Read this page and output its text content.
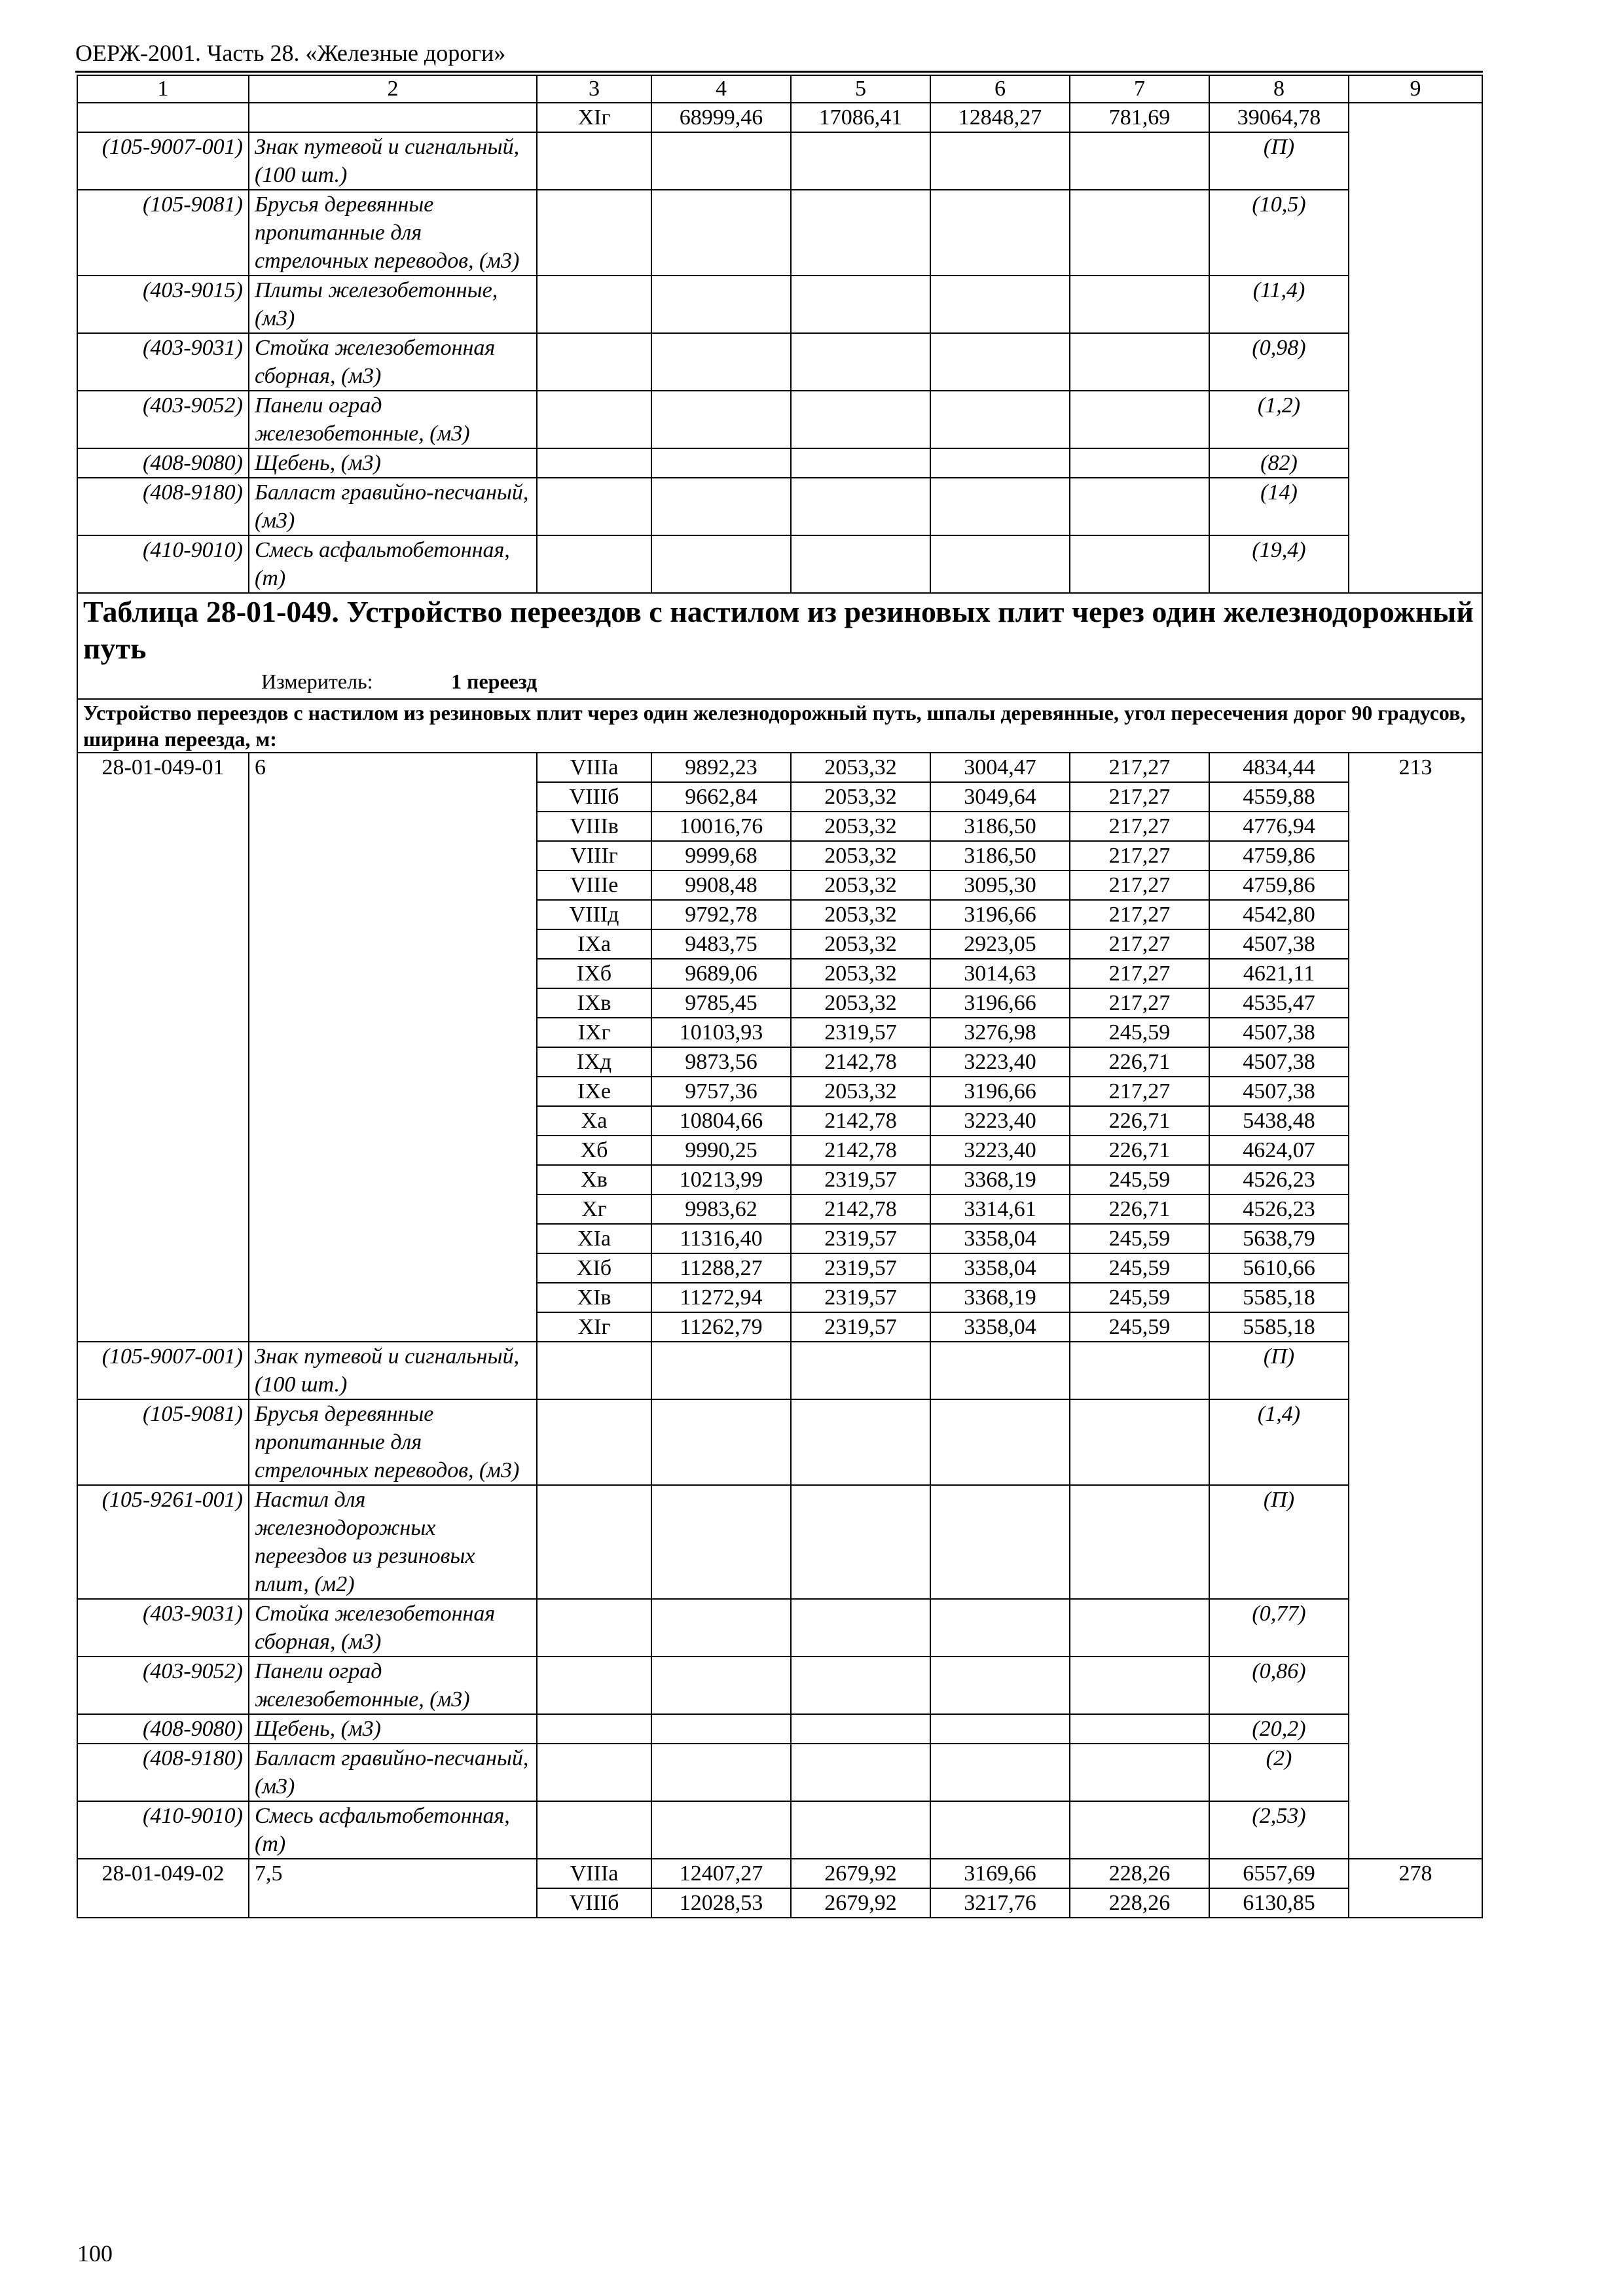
ОЕРЖ-2001. Часть 28. «Железные дороги»
1	2	3	4	5	6	7	8	9
		XIг	68999,46	17086,41	12848,27	781,69	39064,78	
(105-9007-001)	Знак путевой и сигнальный, (100 шт.)						(П)	
(105-9081)	Брусья деревянные пропитанные для стрелочных переводов, (м3)						(10,5)	
(403-9015)	Плиты железобетонные, (м3)						(11,4)	
(403-9031)	Стойка железобетонная сборная, (м3)						(0,98)	
(403-9052)	Панели оград железобетонные, (м3)						(1,2)	
(408-9080)	Щебень, (м3)						(82)	
(408-9180)	Балласт гравийно-песчаный, (м3)						(14)	
(410-9010)	Смесь асфальтобетонная, (т)						(19,4)	

Таблица 28-01-049. Устройство переездов с настилом из резиновых плит через один железнодорожный путь
Измеритель: 1 переезд								

Устройство переездов с настилом из резиновых плит через один железнодорожный путь, шпалы деревянные, угол пересечения дорог 90 градусов, ширина переезда, м:								
28-01-049-01	6	VIIIа	9892,23	2053,32	3004,47	217,27	4834,44	213
		VIIIб	9662,84	2053,32	3049,64	217,27	4559,88	
		VIIIв	10016,76	2053,32	3186,50	217,27	4776,94	
		VIIIг	9999,68	2053,32	3186,50	217,27	4759,86	
		VIIIе	9908,48	2053,32	3095,30	217,27	4759,86	
		VIIIд	9792,78	2053,32	3196,66	217,27	4542,80	
		IXа	9483,75	2053,32	2923,05	217,27	4507,38	
		IXб	9689,06	2053,32	3014,63	217,27	4621,11	
		IXв	9785,45	2053,32	3196,66	217,27	4535,47	
		IXг	10103,93	2319,57	3276,98	245,59	4507,38	
		IXд	9873,56	2142,78	3223,40	226,71	4507,38	
		IXе	9757,36	2053,32	3196,66	217,27	4507,38	
		Xа	10804,66	2142,78	3223,40	226,71	5438,48	
		Xб	9990,25	2142,78	3223,40	226,71	4624,07	
		Xв	10213,99	2319,57	3368,19	245,59	4526,23	
		Xг	9983,62	2142,78	3314,61	226,71	4526,23	
		XIа	11316,40	2319,57	3358,04	245,59	5638,79	
		XIб	11288,27	2319,57	3358,04	245,59	5610,66	
		XIв	11272,94	2319,57	3368,19	245,59	5585,18	
		XIг	11262,79	2319,57	3358,04	245,59	5585,18	
(105-9007-001)	Знак путевой и сигнальный, (100 шт.)						(П)	
(105-9081)	Брусья деревянные пропитанные для стрелочных переводов, (м3)						(1,4)	
(105-9261-001)	Настил для железнодорожных переездов из резиновых плит, (м2)						(П)	
(403-9031)	Стойка железобетонная сборная, (м3)						(0,77)	
(403-9052)	Панели оград железобетонные, (м3)						(0,86)	
(408-9080)	Щебень, (м3)						(20,2)	
(408-9180)	Балласт гравийно-песчаный, (м3)						(2)	
(410-9010)	Смесь асфальтобетонная, (т)						(2,53)	
28-01-049-02	7,5	VIIIа	12407,27	2679,92	3169,66	228,26	6557,69	278
		VIIIб	12028,53	2679,92	3217,76	228,26	6130,85	
100
